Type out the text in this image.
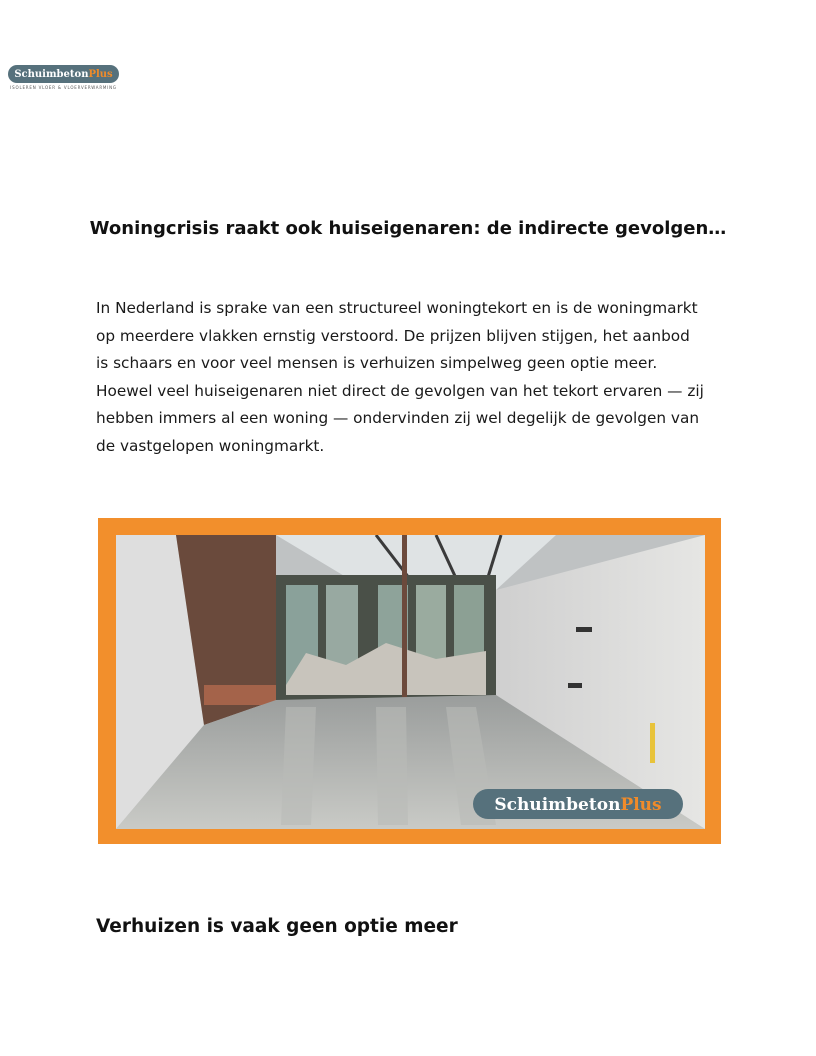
Schuimbeton Plus
ISOLEREN VLOER & VLOERVERWARMING
Woningcrisis raakt ook huiseigenaren: de indirecte gevolgen…

In Nederland is sprake van een structureel woningtekort en is de woningmarkt
op meerdere vlakken ernstig verstoord. De prijzen blijven stijgen, het aanbod
is schaars en voor veel mensen is verhuizen simpelweg geen optie meer.
Hoewel veel huiseigenaren niet direct de gevolgen van het tekort ervaren — zij
hebben immers al een woning — ondervinden zij wel degelijk de gevolgen van
de vastgelopen woningmarkt.

SchuimbetonPlus
Verhuizen is vaak geen optie meer
